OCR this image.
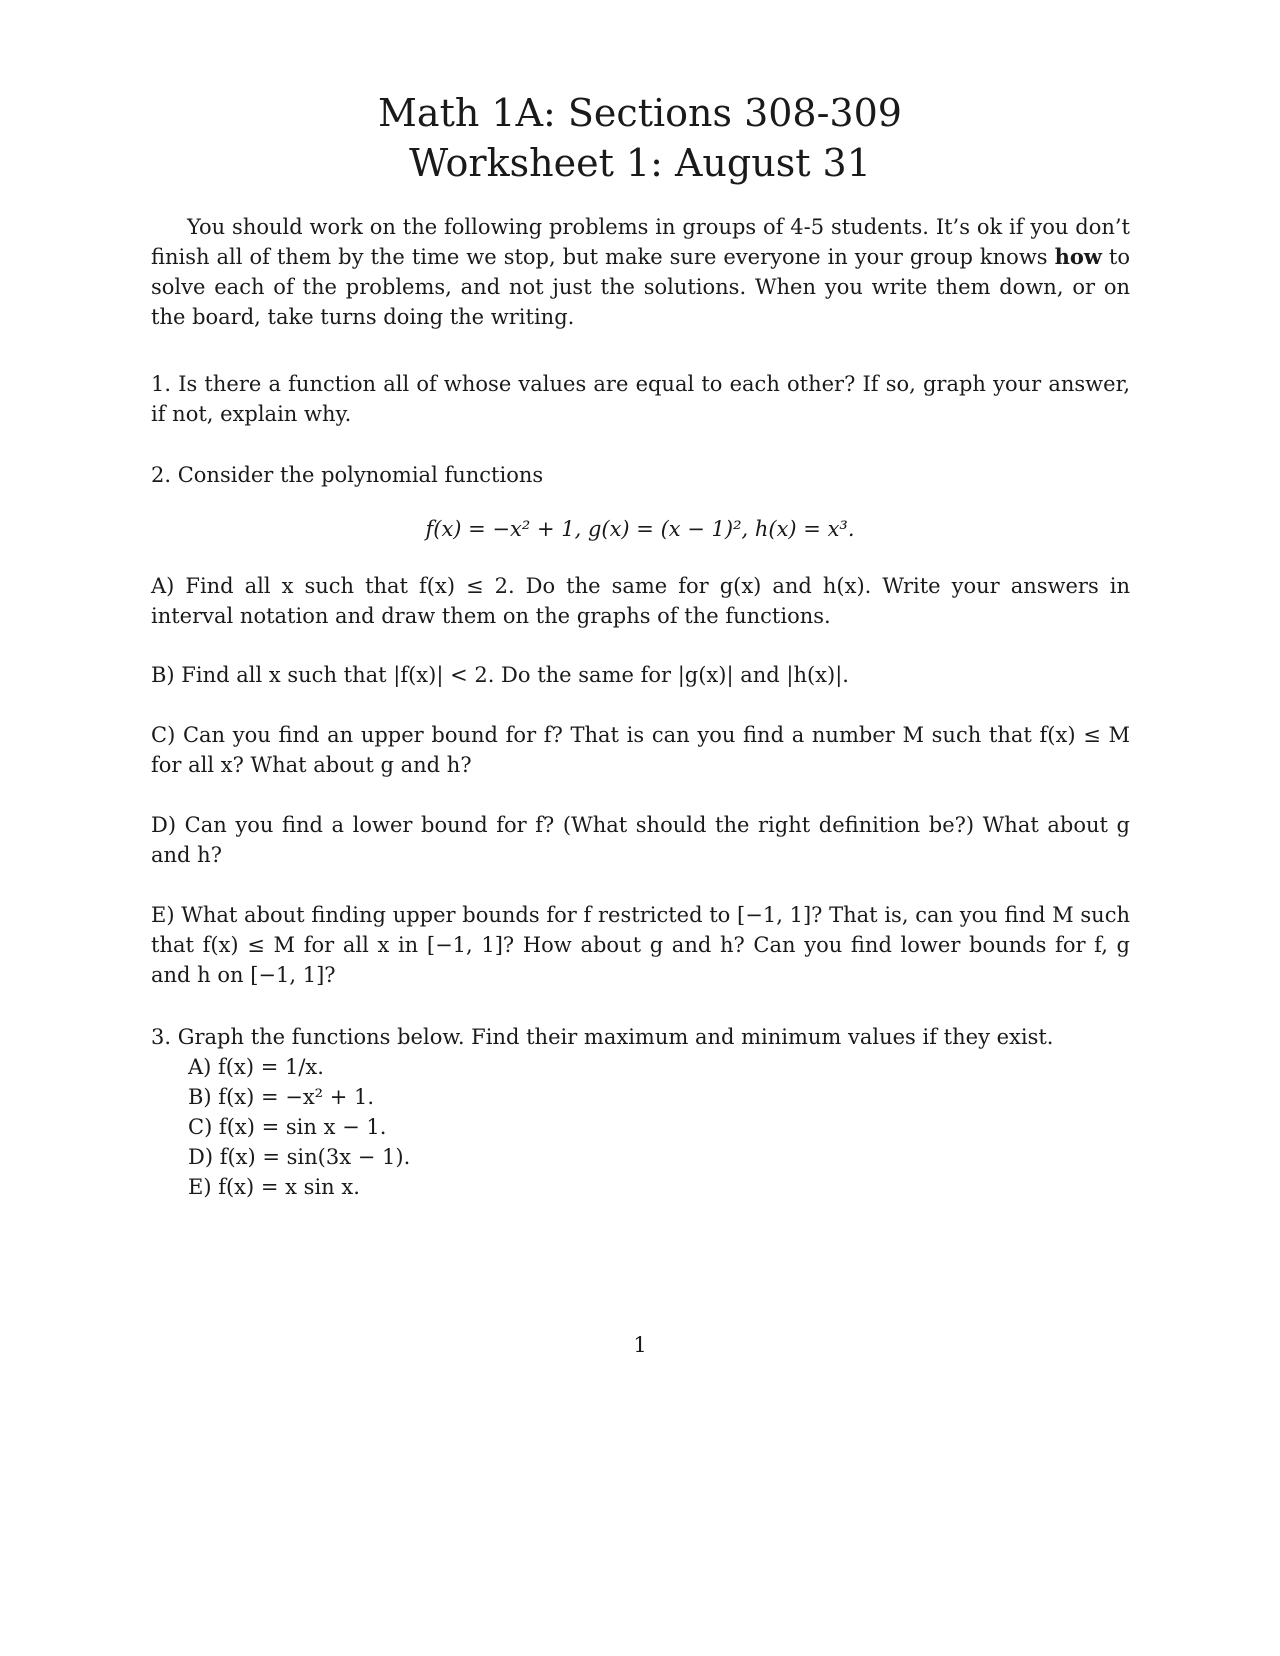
Math 1A: Sections 308-309
Worksheet 1: August 31
You should work on the following problems in groups of 4-5 students. It’s ok if you don’t finish all of them by the time we stop, but make sure everyone in your group knows how to solve each of the problems, and not just the solutions. When you write them down, or on the board, take turns doing the writing.
1. Is there a function all of whose values are equal to each other? If so, graph your answer, if not, explain why.
2. Consider the polynomial functions
f(x) = −x² + 1, g(x) = (x − 1)², h(x) = x³.
A) Find all x such that f(x) ≤ 2. Do the same for g(x) and h(x). Write your answers in interval notation and draw them on the graphs of the functions.
B) Find all x such that |f(x)| < 2. Do the same for |g(x)| and |h(x)|.
C) Can you find an upper bound for f? That is can you find a number M such that f(x) ≤ M for all x? What about g and h?
D) Can you find a lower bound for f? (What should the right definition be?) What about g and h?
E) What about finding upper bounds for f restricted to [−1, 1]? That is, can you find M such that f(x) ≤ M for all x in [−1, 1]? How about g and h? Can you find lower bounds for f, g and h on [−1, 1]?
3. Graph the functions below. Find their maximum and minimum values if they exist.
A) f(x) = 1/x.
B) f(x) = −x² + 1.
C) f(x) = sin x − 1.
D) f(x) = sin(3x − 1).
E) f(x) = x sin x.
1
